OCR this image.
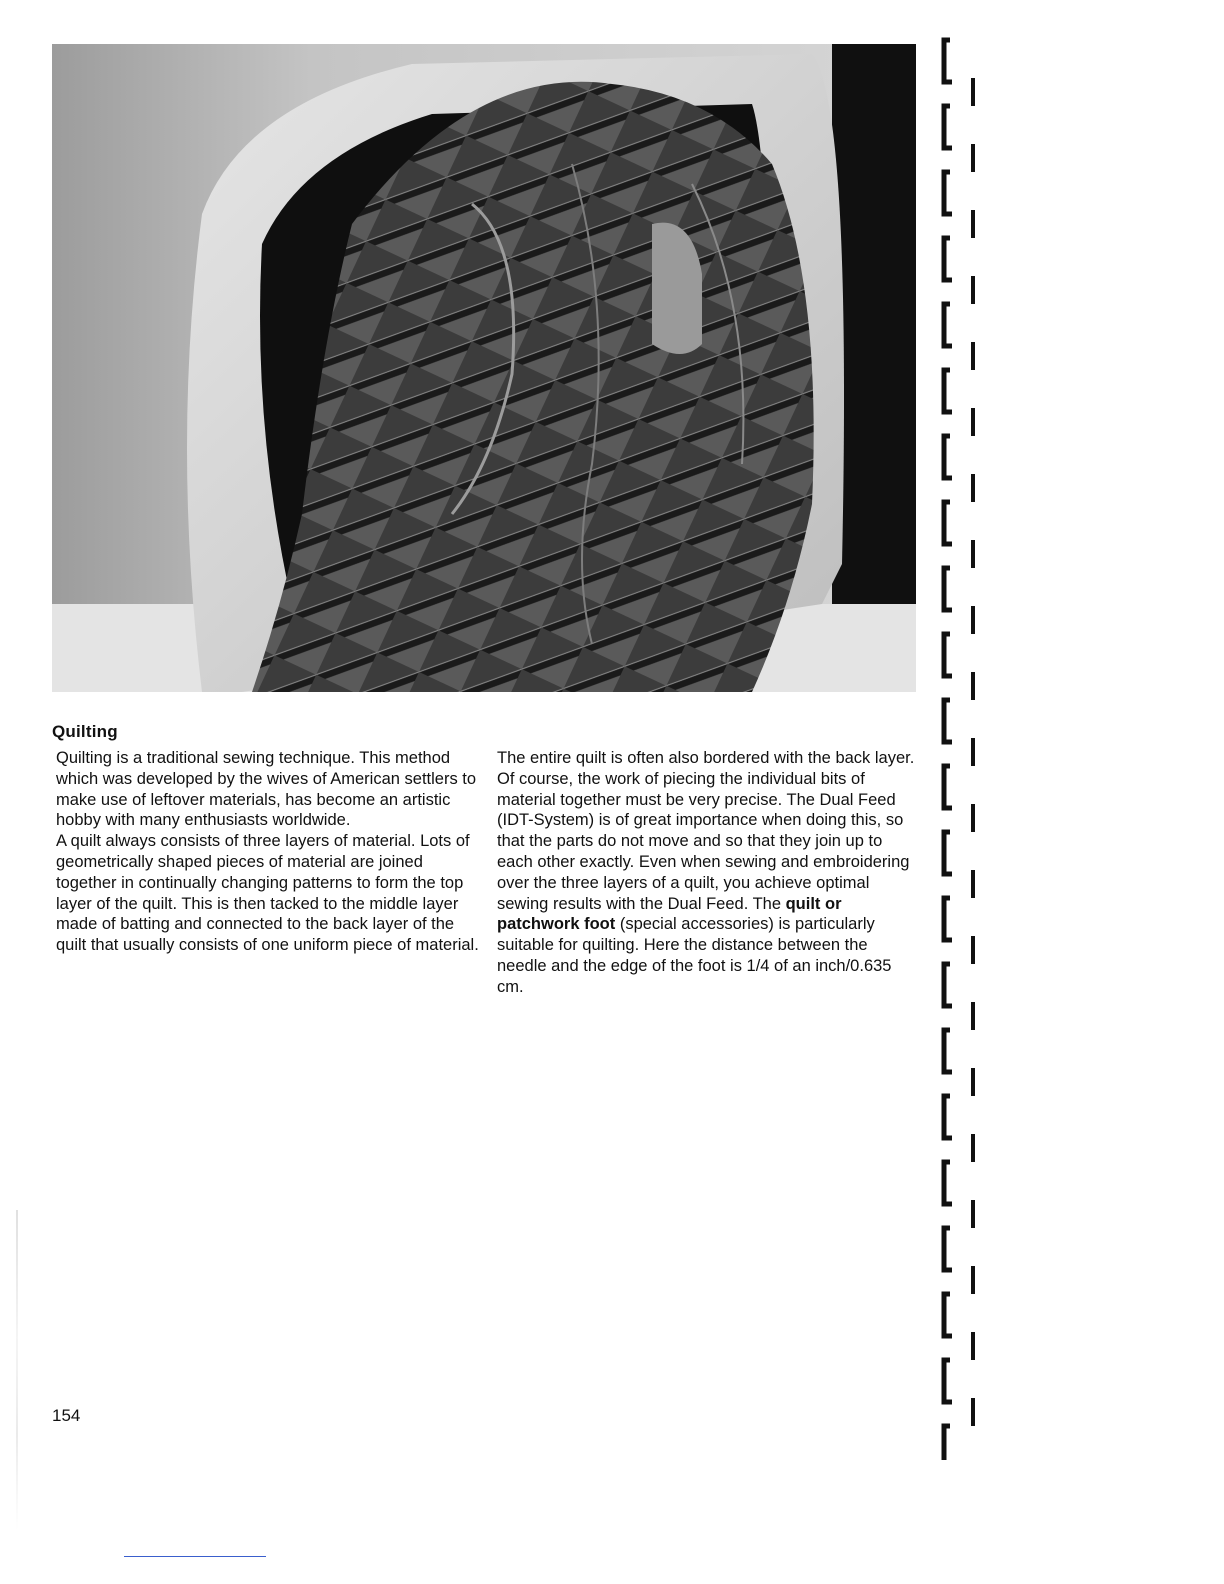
Quilting

Quilting is a traditional sewing technique. This method which was developed by the wives of American settlers to make use of leftover materials, has become an artistic hobby with many enthusiasts worldwide.

A quilt always consists of three layers of material. Lots of geometrically shaped pieces of material are joined together in continually changing patterns to form the top layer of the quilt. This is then tacked to the middle layer made of batting and connected to the back layer of the quilt that usually consists of one uniform piece of material.

The entire quilt is often also bordered with the back layer. Of course, the work of piecing the individual bits of material together must be very precise. The Dual Feed (IDT-System) is of great importance when doing this, so that the parts do not move and so that they join up to each other exactly. Even when sewing and embroidering over the three layers of a quilt, you achieve optimal sewing results with the Dual Feed. The quilt or patchwork foot (special accessories) is particularly suitable for quilting. Here the distance between the needle and the edge of the foot is 1/4 of an inch/0.635 cm.

154
